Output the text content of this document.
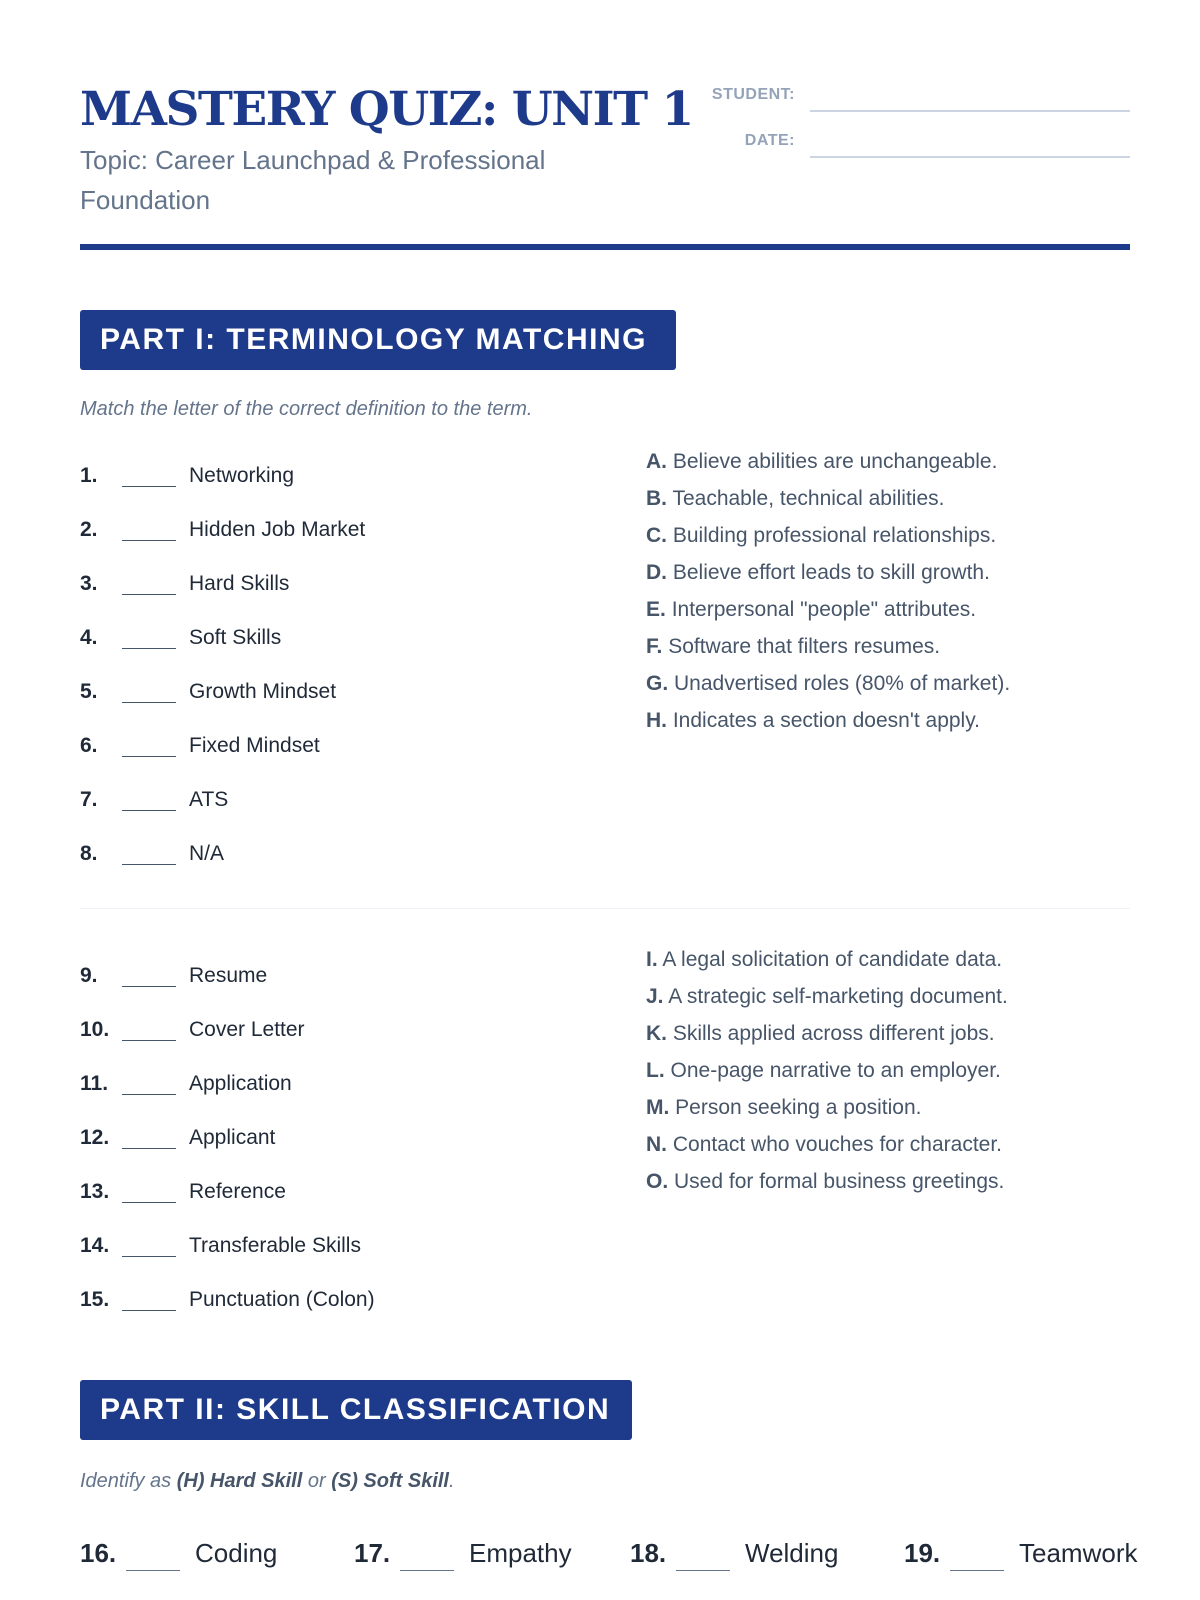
MASTERY QUIZ: UNIT 1

Topic: Career Launchpad & Professional Foundation

STUDENT:
DATE:
PART I: TERMINOLOGY MATCHING
Match the letter of the correct definition to the term.
1.	Networking
2.	Hidden Job Market
3.	Hard Skills
4.	Soft Skills
5.	Growth Mindset
6.	Fixed Mindset
7.	ATS
8.	N/A
A. Believe abilities are unchangeable.
B. Teachable, technical abilities.
C. Building professional relationships.
D. Believe effort leads to skill growth.
E. Interpersonal "people" attributes.
F. Software that filters resumes.
G. Unadvertised roles (80% of market).
H. Indicates a section doesn't apply.
9.	Resume
10.	Cover Letter
11.	Application
12.	Applicant
13.	Reference
14.	Transferable Skills
15.	Punctuation (Colon)
I. A legal solicitation of candidate data.
J. A strategic self-marketing document.
K. Skills applied across different jobs.
L. One-page narrative to an employer.
M. Person seeking a position.
N. Contact who vouches for character.
O. Used for formal business greetings.
PART II: SKILL CLASSIFICATION
Identify as (H) Hard Skill or (S) Soft Skill.
16.	Coding	17.	Empathy 18.	Welding	19.	Teamwork
